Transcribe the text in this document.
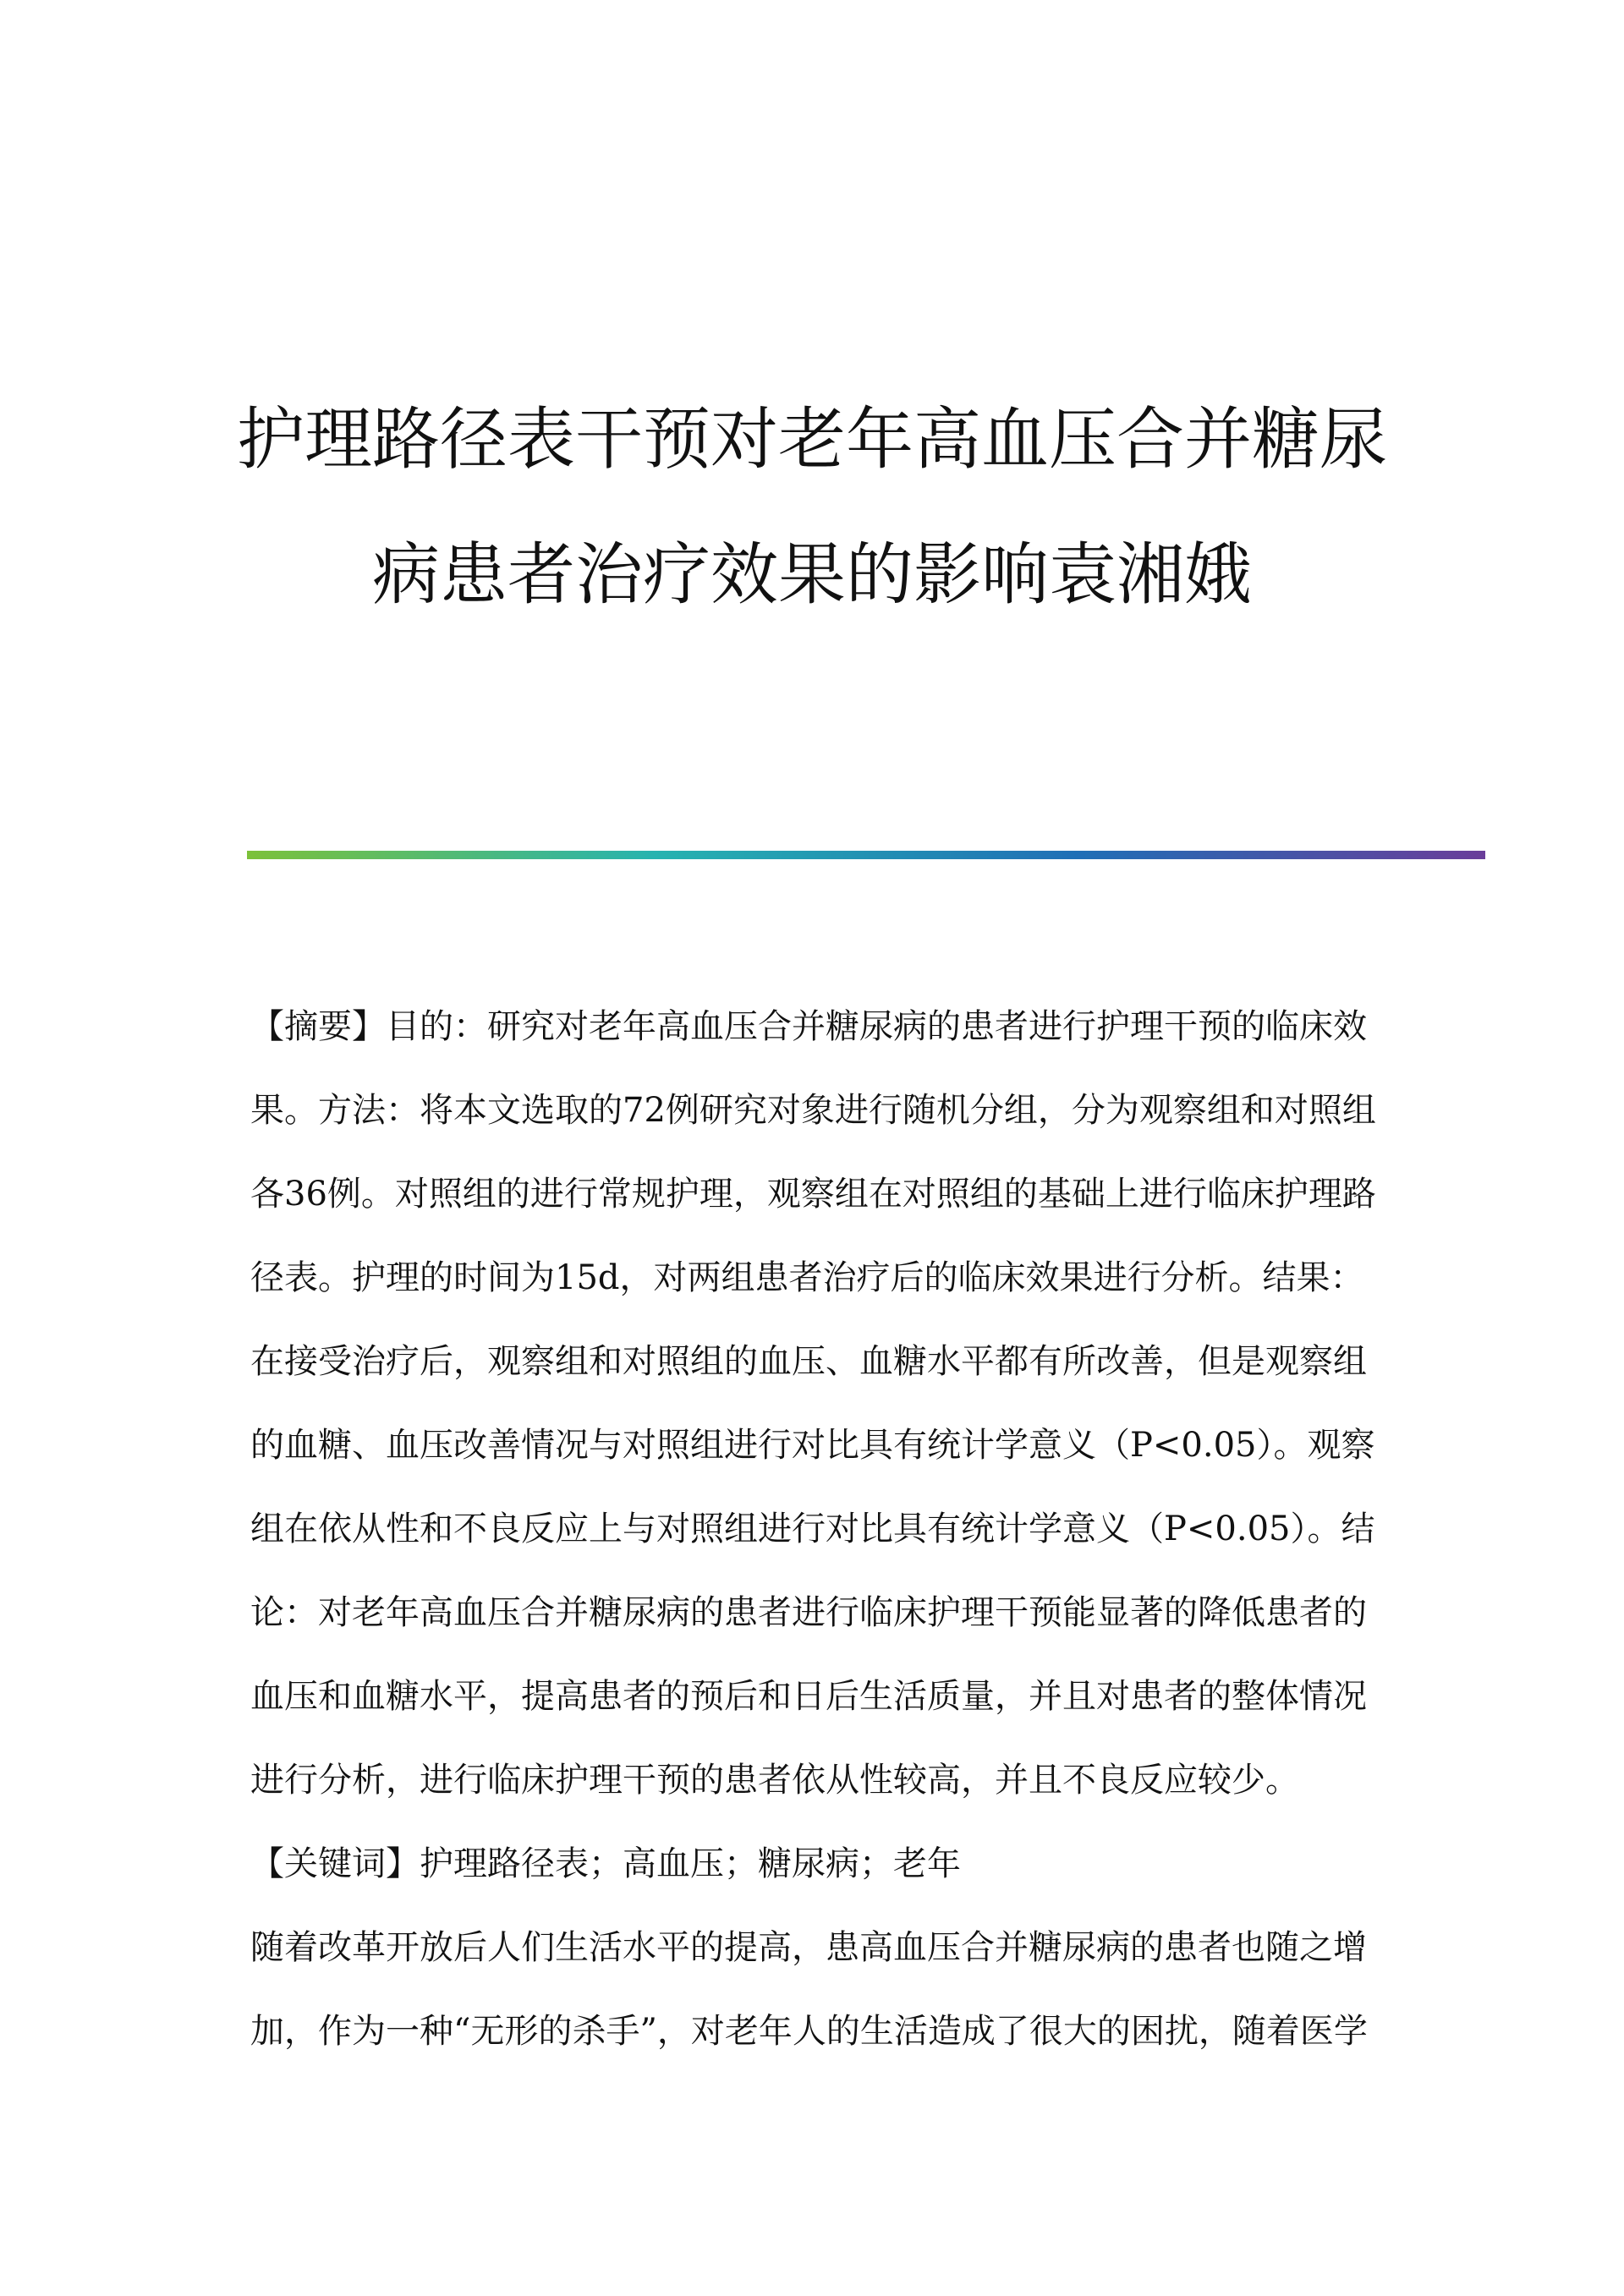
护理路径表干预对老年高血压合并糖尿
病患者治疗效果的影响袁湘娥

【摘要】目的：研究对老年高血压合并糖尿病的患者进行护理干预的临床效果。方法：将本文选取的72例研究对象进行随机分组，分为观察组和对照组各36例。对照组的进行常规护理，观察组在对照组的基础上进行临床护理路径表。护理的时间为15d，对两组患者治疗后的临床效果进行分析。结果：在接受治疗后，观察组和对照组的血压、血糖水平都有所改善，但是观察组的血糖、血压改善情况与对照组进行对比具有统计学意义（P<0.05）。观察组在依从性和不良反应上与对照组进行对比具有统计学意义（P<0.05）。结论：对老年高血压合并糖尿病的患者进行临床护理干预能显著的降低患者的血压和血糖水平，提高患者的预后和日后生活质量，并且对患者的整体情况进行分析，进行临床护理干预的患者依从性较高，并且不良反应较少。

【关键词】护理路径表；高血压；糖尿病；老年

随着改革开放后人们生活水平的提高，患高血压合并糖尿病的患者也随之增加，作为一种“无形的杀手”，对老年人的生活造成了很大的困扰，随着医学
